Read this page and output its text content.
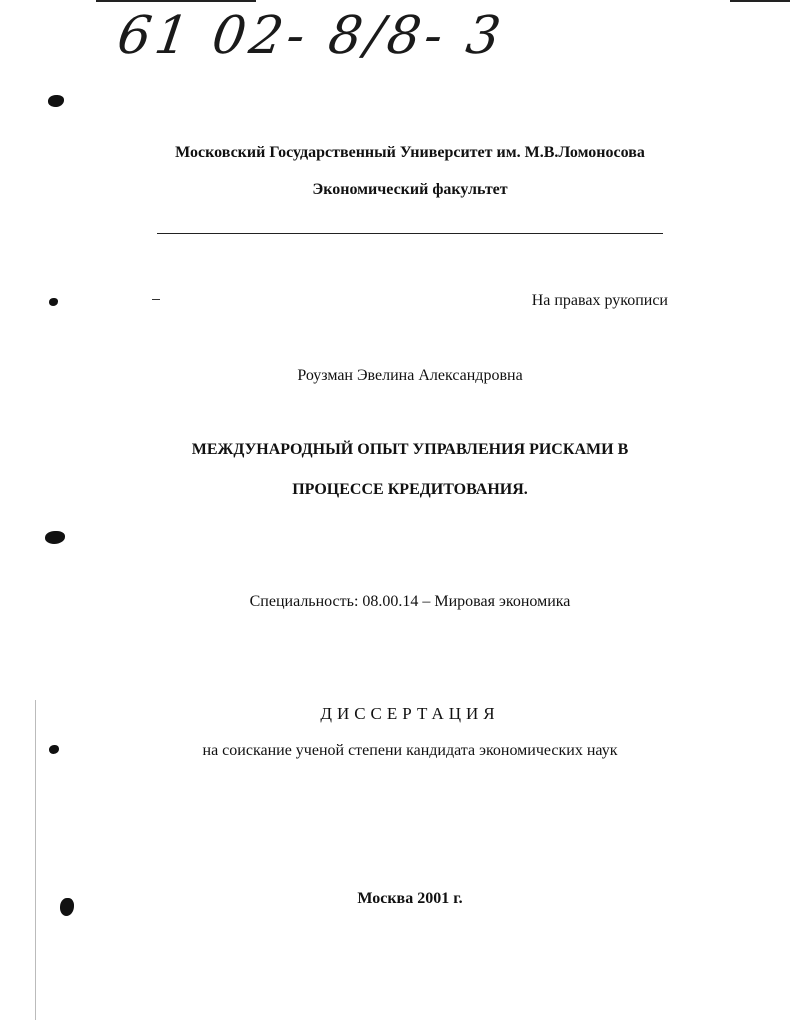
61 02- 8/8- 3
Московский Государственный Университет им. М.В.Ломоносова
Экономический факультет
На правах рукописи
Роузман Эвелина Александровна
МЕЖДУНАРОДНЫЙ ОПЫТ УПРАВЛЕНИЯ РИСКАМИ В
ПРОЦЕССЕ КРЕДИТОВАНИЯ.
Специальность: 08.00.14 – Мировая экономика
ДИССЕРТАЦИЯ
на соискание ученой степени кандидата экономических наук
Москва 2001 г.
